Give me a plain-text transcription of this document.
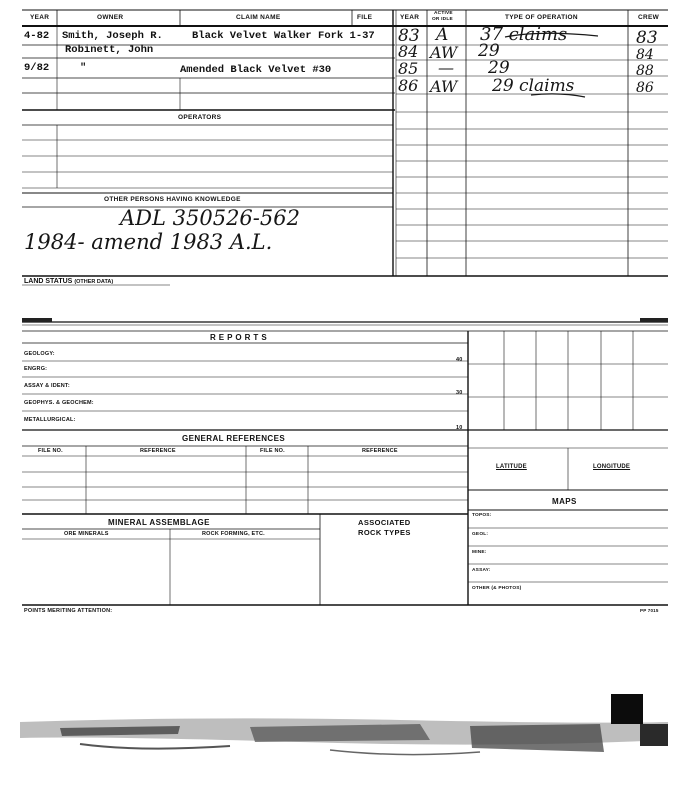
YEAR	OWNER	CLAIM NAME	FILE	YEAR
ACTIVE
OR IDLE	TYPE OF OPERATION	CREW
4-82 Smith, Joseph R.	Black Velvet Walker Fork 1-37
Robinett, John
9/82	"	Amended Black Velvet #30
83 A 37 claims	83
84 AW 29	84
85 — 29	88
86 AW 29 claims	86
OPERATORS
OTHER PERSONS HAVING KNOWLEDGE
ADL 350526-562
1984- amend 1983 A.L.
LAND STATUS (OTHER DATA)
R E P O R T S
GEOLOGY:
40
ENGRG:
ASSAY & IDENT:
30
GEOPHYS. & GEOCHEM:
METALLURGICAL:
10
GENERAL REFERENCES
FILE NO.	REFERENCE	FILE NO.	REFERENCE
LATITUDE	LONGITUDE
MAPS
TOPOS:
GEOL:
MINE:
ASSAY:
OTHER (& PHOTOS)
MINERAL ASSEMBLAGE
ORE MINERALS	ROCK FORMING, ETC.
ASSOCIATED
ROCK TYPES
POINTS MERITING ATTENTION:	PP 7015
